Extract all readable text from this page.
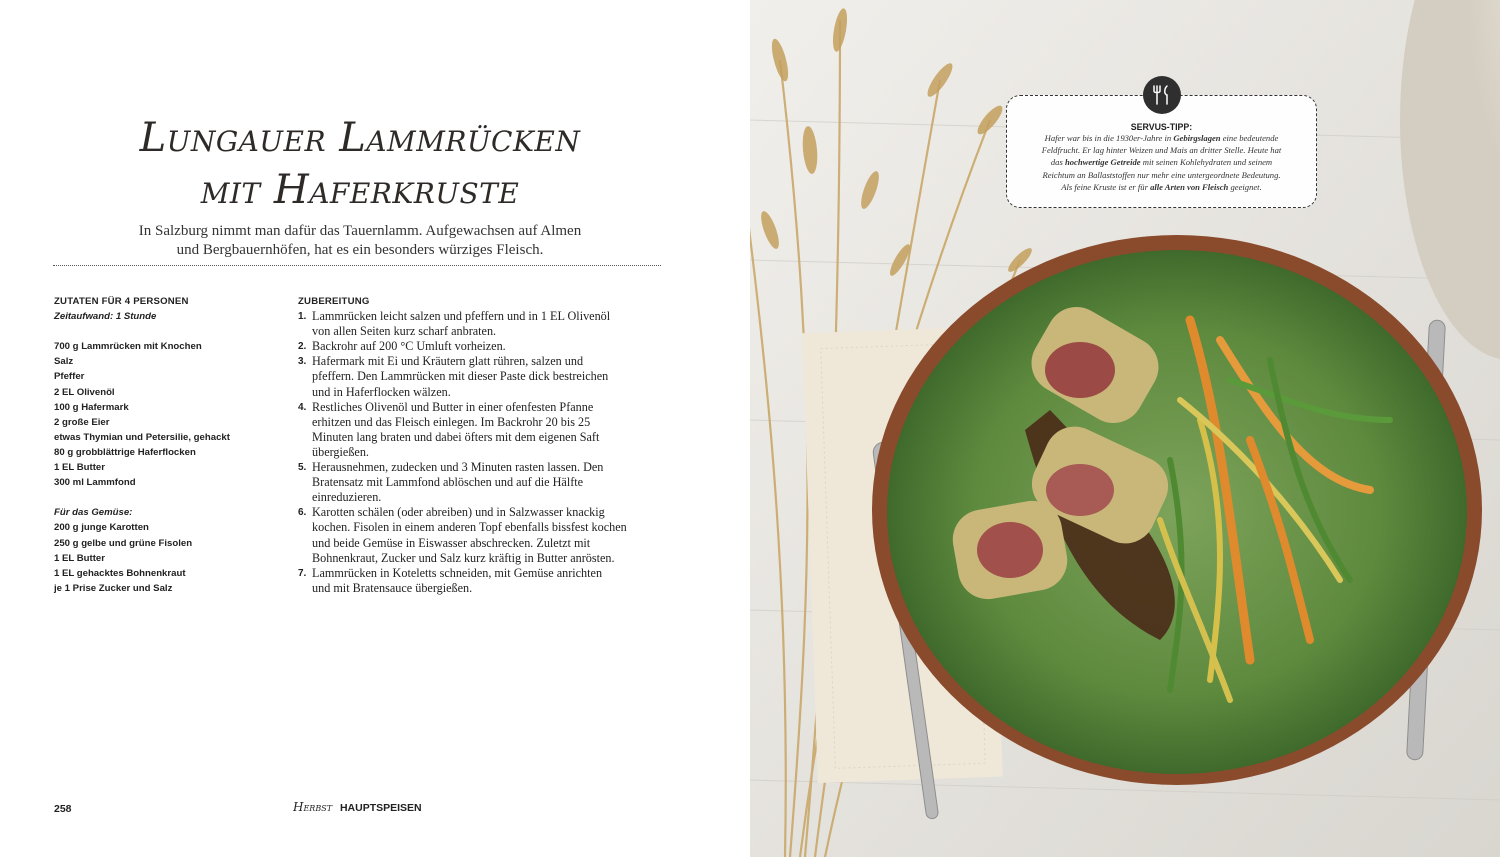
Lungauer Lammrücken
mit Haferkruste

In Salzburg nimmt man dafür das Tauernlamm. Aufgewachsen auf Almen
und Bergbauernhöfen, hat es ein besonders würziges Fleisch.

ZUTATEN FÜR 4 PERSONEN

Zeitaufwand: 1 Stunde
700 g Lammrücken mit Knochen
Salz
Pfeffer
2 EL Olivenöl
100 g Hafermark
2 große Eier
etwas Thymian und Petersilie, gehackt
80 g grobblättrige Haferflocken
1 EL Butter
300 ml Lammfond
Für das Gemüse:
200 g junge Karotten
250 g gelbe und grüne Fisolen
1 EL Butter
1 EL gehacktes Bohnenkraut
je 1 Prise Zucker und Salz

ZUBEREITUNG

1. Lammrücken leicht salzen und pfeffern und in 1 EL Olivenöl
von allen Seiten kurz scharf anbraten.
2. Backrohr auf 200 °C Umluft vorheizen.
3. Hafermark mit Ei und Kräutern glatt rühren, salzen und
pfeffern. Den Lammrücken mit dieser Paste dick bestreichen
und in Haferflocken wälzen.
4. Restliches Olivenöl und Butter in einer ofenfesten Pfanne
erhitzen und das Fleisch einlegen. Im Backrohr 20 bis 25
Minuten lang braten und dabei öfters mit dem eigenen Saft
übergießen.
5. Herausnehmen, zudecken und 3 Minuten rasten lassen. Den
Bratensatz mit Lammfond ablöschen und auf die Hälfte
einreduzieren.
6. Karotten schälen (oder abreiben) und in Salzwasser knackig
kochen. Fisolen in einem anderen Topf ebenfalls bissfest kochen
und beide Gemüse in Eiswasser abschrecken. Zuletzt mit
Bohnenkraut, Zucker und Salz kurz kräftig in Butter anrösten.
7. Lammrücken in Koteletts schneiden, mit Gemüse anrichten
und mit Bratensauce übergießen.
258	Herbst HAUPTSPEISEN

SERVUS-TIPP:

Hafer war bis in die 1930er-Jahre in Gebirgslagen eine bedeutende
Feldfrucht. Er lag hinter Weizen und Mais an dritter Stelle. Heute hat
das hochwertige Getreide mit seinen Kohlehydraten und seinem
Reichtum an Ballaststoffen nur mehr eine untergeordnete Bedeutung.
Als feine Kruste ist er für alle Arten von Fleisch geeignet.
